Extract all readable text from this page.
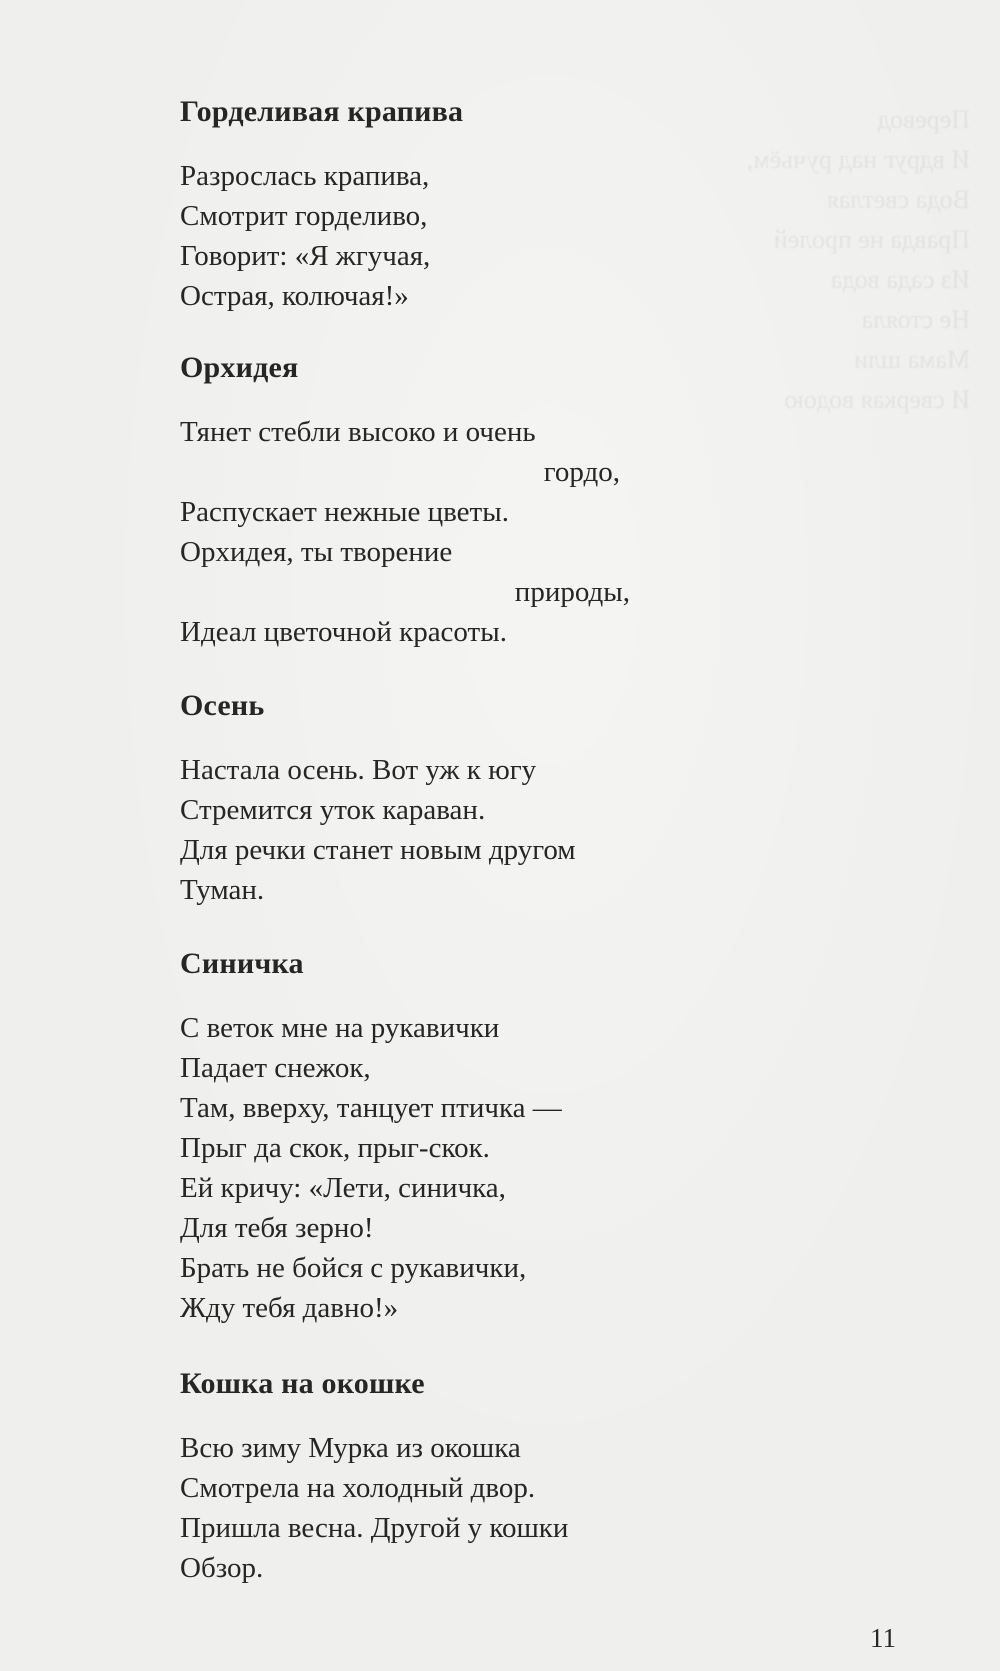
Перевод
И вдруг над ручьём,
Вода светлая
Правда не пролей
Из сада вода
Не стояла
Мама шли
И сверкая водою
Горделивая крапива
Разрослась крапива,
Смотрит горделиво,
Говорит: «Я жгучая,
Острая, колючая!»
Орхидея
Тянет стебли высоко и очень
гордо,
Распускает нежные цветы.
Орхидея, ты творение
природы,
Идеал цветочной красоты.
Осень
Настала осень. Вот уж к югу
Стремится уток караван.
Для речки станет новым другом
Туман.
Синичка
С веток мне на рукавички
Падает снежок,
Там, вверху, танцует птичка —
Прыг да скок, прыг-скок.
Ей кричу: «Лети, синичка,
Для тебя зерно!
Брать не бойся с рукавички,
Жду тебя давно!»
Кошка на окошке
Всю зиму Мурка из окошка
Смотрела на холодный двор.
Пришла весна. Другой у кошки
Обзор.
11
